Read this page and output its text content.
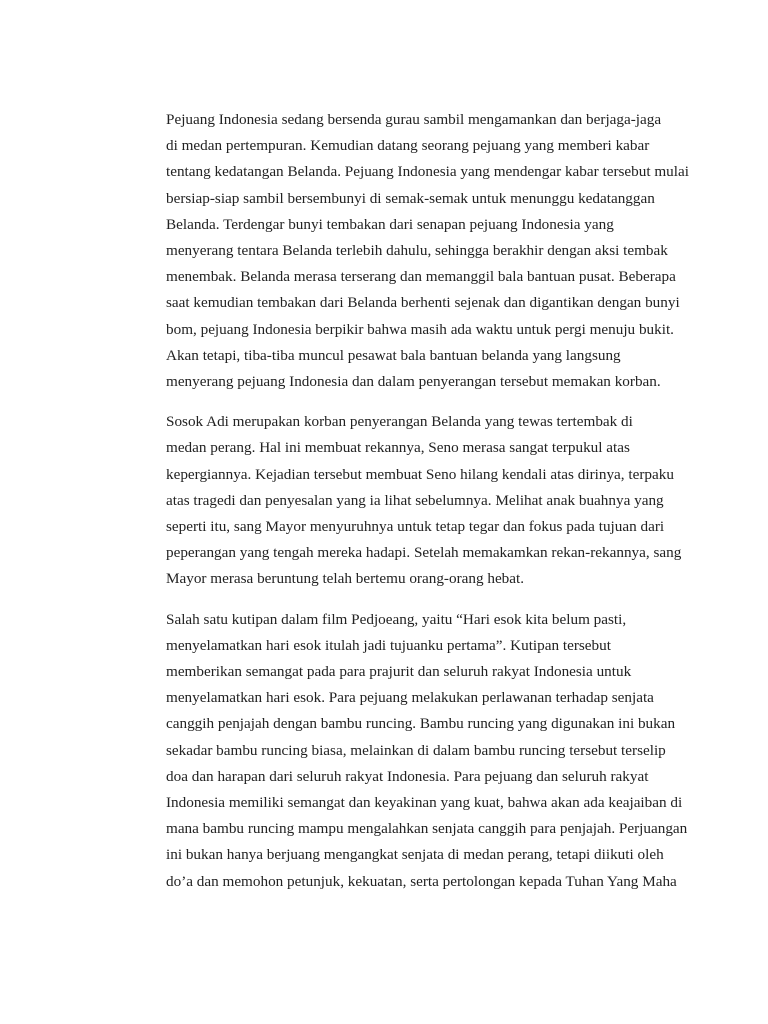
Pejuang Indonesia sedang bersenda gurau sambil mengamankan dan berjaga-jaga
di medan pertempuran. Kemudian datang seorang pejuang yang memberi kabar
tentang kedatangan Belanda. Pejuang Indonesia yang mendengar kabar tersebut mulai
bersiap-siap sambil bersembunyi di semak-semak untuk menunggu kedatanggan
Belanda. Terdengar bunyi tembakan dari senapan pejuang Indonesia yang
menyerang tentara Belanda terlebih dahulu, sehingga berakhir dengan aksi tembak
menembak. Belanda merasa terserang dan memanggil bala bantuan pusat. Beberapa
saat kemudian tembakan dari Belanda berhenti sejenak dan digantikan dengan bunyi
bom, pejuang Indonesia berpikir bahwa masih ada waktu untuk pergi menuju bukit.
Akan tetapi, tiba-tiba muncul pesawat bala bantuan belanda yang langsung
menyerang pejuang Indonesia dan dalam penyerangan tersebut memakan korban.

Sosok Adi merupakan korban penyerangan Belanda yang tewas tertembak di
medan perang. Hal ini membuat rekannya, Seno merasa sangat terpukul atas
kepergiannya. Kejadian tersebut membuat Seno hilang kendali atas dirinya, terpaku
atas tragedi dan penyesalan yang ia lihat sebelumnya. Melihat anak buahnya yang
seperti itu, sang Mayor menyuruhnya untuk tetap tegar dan fokus pada tujuan dari
peperangan yang tengah mereka hadapi. Setelah memakamkan rekan-rekannya, sang
Mayor merasa beruntung telah bertemu orang-orang hebat.

Salah satu kutipan dalam film Pedjoeang, yaitu “Hari esok kita belum pasti,
menyelamatkan hari esok itulah jadi tujuanku pertama”. Kutipan tersebut
memberikan semangat pada para prajurit dan seluruh rakyat Indonesia untuk
menyelamatkan hari esok. Para pejuang melakukan perlawanan terhadap senjata
canggih penjajah dengan bambu runcing. Bambu runcing yang digunakan ini bukan
sekadar bambu runcing biasa, melainkan di dalam bambu runcing tersebut terselip
doa dan harapan dari seluruh rakyat Indonesia. Para pejuang dan seluruh rakyat
Indonesia memiliki semangat dan keyakinan yang kuat, bahwa akan ada keajaiban di
mana bambu runcing mampu mengalahkan senjata canggih para penjajah. Perjuangan
ini bukan hanya berjuang mengangkat senjata di medan perang, tetapi diikuti oleh
do’a dan memohon petunjuk, kekuatan, serta pertolongan kepada Tuhan Yang Maha
